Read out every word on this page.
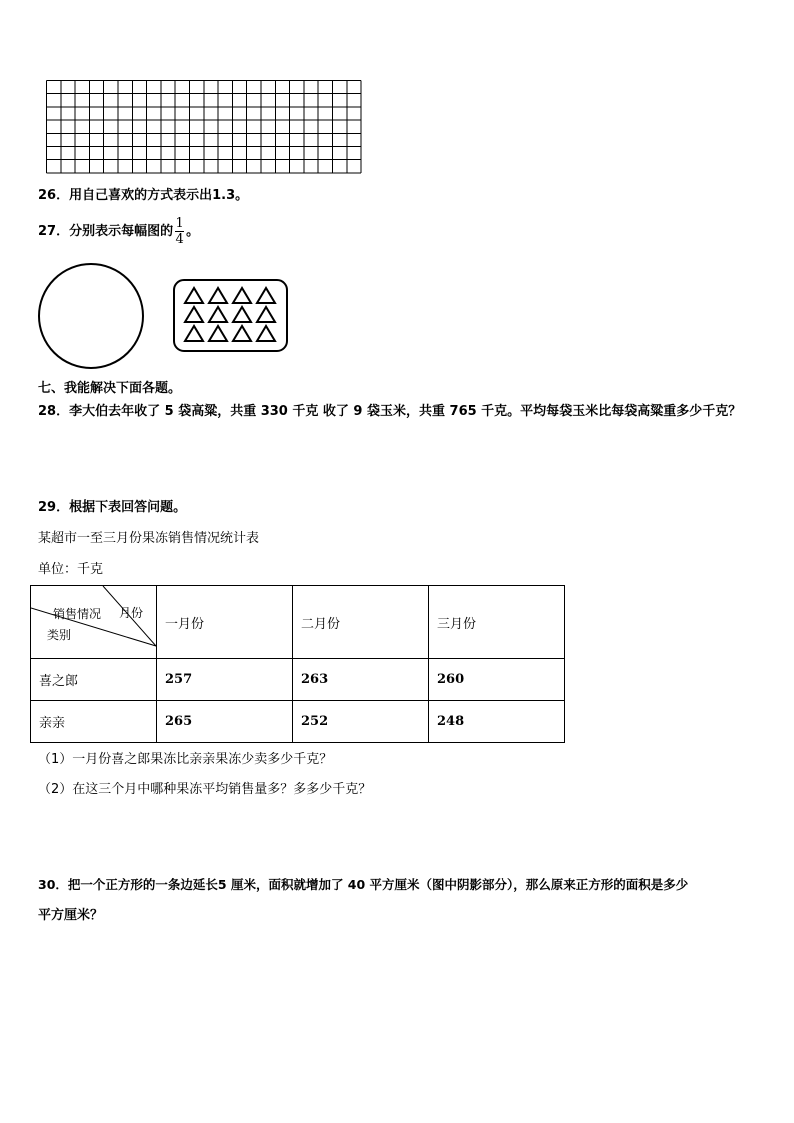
26．用自己喜欢的方式表示出1.3。
27．分别表示每幅图的 $\frac{1}{4}$ 。
七、我能解决下面各题。
28．李大伯去年收了 5 袋高粱，共重 330 千克 收了 9 袋玉米，共重 765 千克。平均每袋玉米比每袋高粱重多少千克？
29．根据下表回答问题。
某超市一至三月份果冻销售情况统计表
单位：千克
月份
销售情况
类别	一月份	二月份	三月份
喜之郎	257	263	260
亲亲	265	252	248
（1）一月份喜之郎果冻比亲亲果冻少卖多少千克？
（2）在这三个月中哪种果冻平均销售量多？多多少千克？
30．把一个正方形的一条边延长5 厘米，面积就增加了 40 平方厘米（图中阴影部分），那么原来正方形的面积是多少
平方厘米？
